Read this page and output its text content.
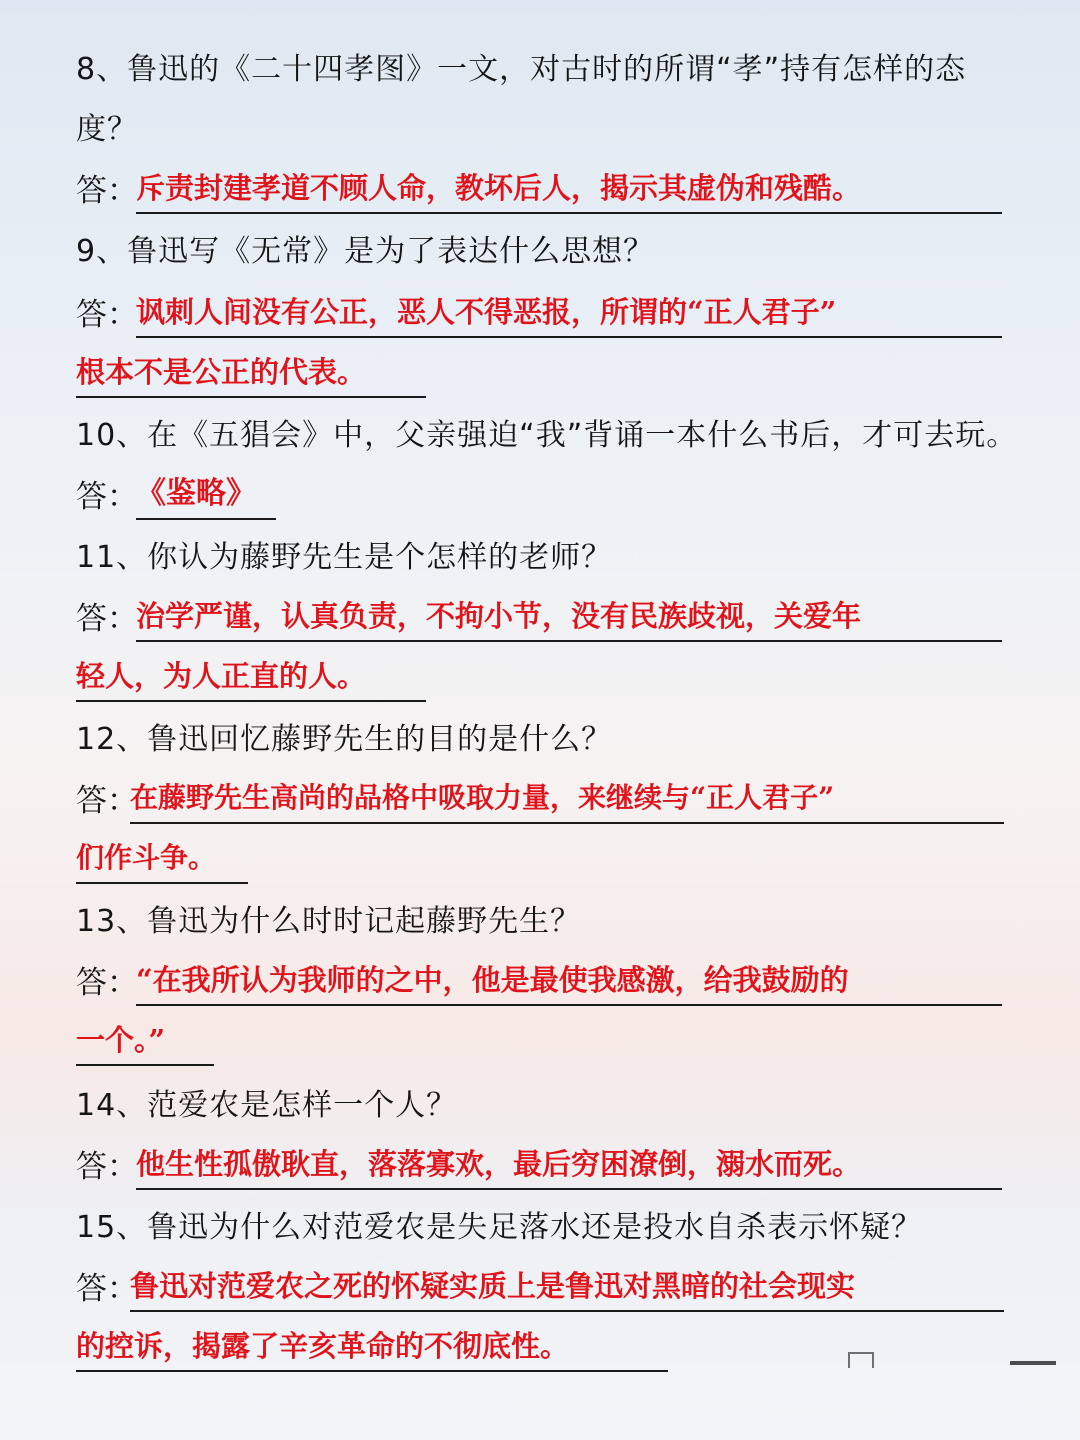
8、鲁迅的《二十四孝图》一文，对古时的所谓“孝”持有怎样的态
度？
答：
斥责封建孝道不顾人命，教坏后人，揭示其虚伪和残酷。
9、鲁迅写《无常》是为了表达什么思想？
答：
讽刺人间没有公正，恶人不得恶报，所谓的“正人君子”
根本不是公正的代表。
10、在《五猖会》中，父亲强迫“我”背诵一本什么书后，才可去玩。
答：
《鉴略》
11、你认为藤野先生是个怎样的老师？
答：
治学严谨，认真负责，不拘小节，没有民族歧视，关爱年
轻人，为人正直的人。
12、鲁迅回忆藤野先生的目的是什么？
答：
在藤野先生高尚的品格中吸取力量，来继续与“正人君子”
们作斗争。
13、鲁迅为什么时时记起藤野先生？
答：
“在我所认为我师的之中，他是最使我感激，给我鼓励的
一个。”
14、范爱农是怎样一个人？
答：
他生性孤傲耿直，落落寡欢，最后穷困潦倒，溺水而死。
15、鲁迅为什么对范爱农是失足落水还是投水自杀表示怀疑？
答：
鲁迅对范爱农之死的怀疑实质上是鲁迅对黑暗的社会现实
的控诉，揭露了辛亥革命的不彻底性。
